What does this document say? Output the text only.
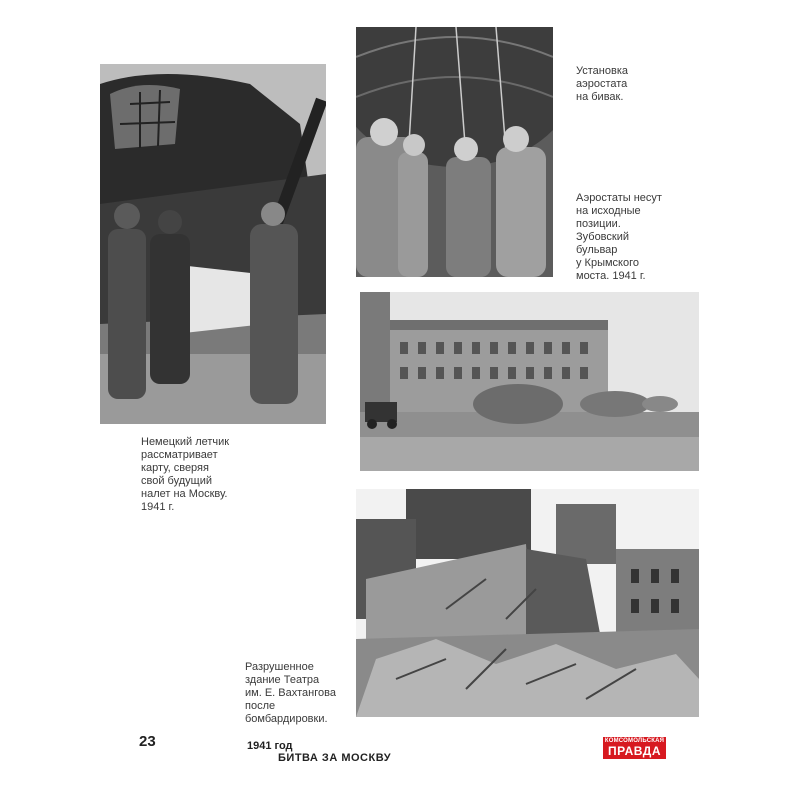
Установка
аэростата
на бивак.
Аэростаты несут
на исходные
позиции.
Зубовский
бульвар
у Крымского
моста. 1941 г.
Немецкий летчик
рассматривает
карту, сверяя
свой будущий
налет на Москву.
1941 г.
Разрушенное
здание Театра
им. Е. Вахтангова
после
бомбардировки.
23	1941 год
БИТВА ЗА МОСКВУ
КОМСОМОЛЬСКАЯ
ПРАВДА
